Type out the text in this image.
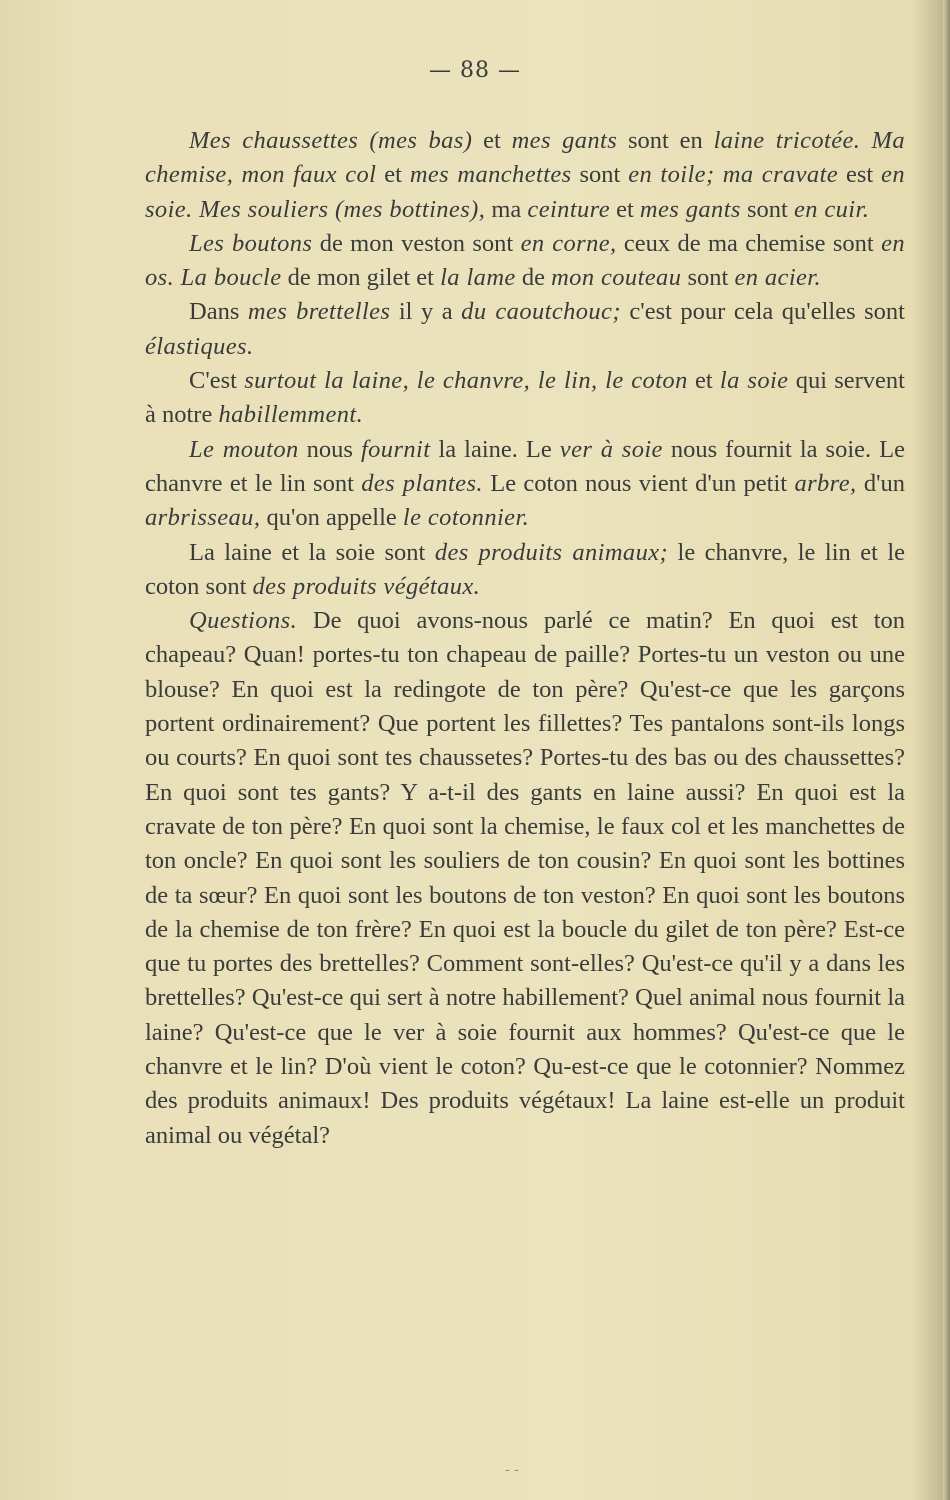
— 88 —

Mes chaussettes (mes bas) et mes gants sont en laine tricotée. Ma chemise, mon faux col et mes manchettes sont en toile; ma cravate est en soie. Mes souliers (mes bottines), ma ceinture et mes gants sont en cuir.

Les boutons de mon veston sont en corne, ceux de ma chemise sont en os. La boucle de mon gilet et la lame de mon couteau sont en acier.

Dans mes brettelles il y a du caoutchouc; c'est pour cela qu'elles sont élastiques.

C'est surtout la laine, le chanvre, le lin, le coton et la soie qui servent à notre habillemment.

Le mouton nous fournit la laine. Le ver à soie nous fournit la soie. Le chanvre et le lin sont des plantes. Le coton nous vient d'un petit arbre, d'un arbrisseau, qu'on appelle le cotonnier.

La laine et la soie sont des produits animaux; le chanvre, le lin et le coton sont des produits végétaux.

Questions. De quoi avons-nous parlé ce matin? En quoi est ton chapeau? Quan! portes-tu ton chapeau de paille? Portes-tu un veston ou une blouse? En quoi est la redingote de ton père? Qu'est-ce que les garçons portent ordinairement? Que portent les fillettes? Tes pantalons sont-ils longs ou courts? En quoi sont tes chaussetes? Portes-tu des bas ou des chaussettes? En quoi sont tes gants? Y a-t-il des gants en laine aussi? En quoi est la cravate de ton père? En quoi sont la chemise, le faux col et les manchettes de ton oncle? En quoi sont les souliers de ton cousin? En quoi sont les bottines de ta sœur? En quoi sont les boutons de ton veston? En quoi sont les boutons de la chemise de ton frère? En quoi est la boucle du gilet de ton père? Est-ce que tu portes des brettelles? Comment sont-elles? Qu'est-ce qu'il y a dans les brettelles? Qu'est-ce qui sert à notre habillement? Quel animal nous fournit la laine? Qu'est-ce que le ver à soie fournit aux hommes? Qu'est-ce que le chanvre et le lin? D'où vient le coton? Qu-est-ce que le cotonnier? Nommez des produits animaux! Des produits végétaux! La laine est-elle un produit animal ou végétal?

‑ ‑
